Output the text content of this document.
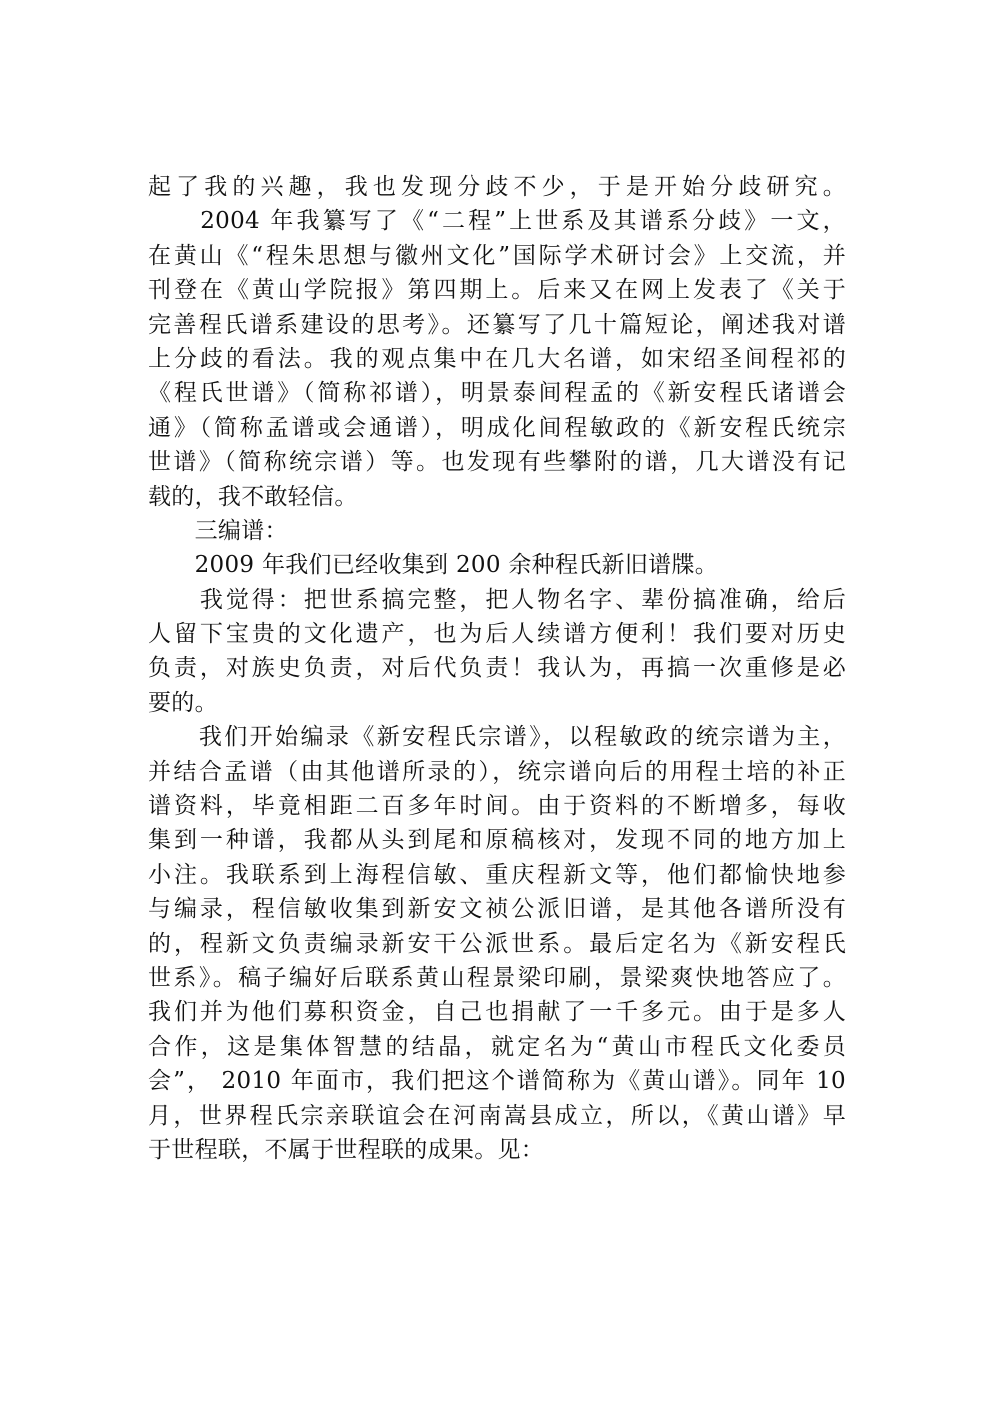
起了我的兴趣，我也发现分歧不少，于是开始分歧研究。
　　2004 年我纂写了《“二程”上世系及其谱系分歧》一文，
在黄山《“程朱思想与徽州文化”国际学术研讨会》上交流，并
刊登在《黄山学院报》第四期上。后来又在网上发表了《关于
完善程氏谱系建设的思考》。还纂写了几十篇短论，阐述我对谱
上分歧的看法。我的观点集中在几大名谱，如宋绍圣间程祁的
《程氏世谱》（简称祁谱），明景泰间程孟的《新安程氏诸谱会
通》（简称孟谱或会通谱），明成化间程敏政的《新安程氏统宗
世谱》（简称统宗谱）等。也发现有些攀附的谱，几大谱没有记
载的，我不敢轻信。
　　三编谱：
　　2009 年我们已经收集到 200 余种程氏新旧谱牒。
　　我觉得：把世系搞完整，把人物名字、辈份搞准确，给后
人留下宝贵的文化遗产，也为后人续谱方便利！我们要对历史
负责，对族史负责，对后代负责！我认为，再搞一次重修是必
要的。
　　我们开始编录《新安程氏宗谱》，以程敏政的统宗谱为主，
并结合孟谱（由其他谱所录的），统宗谱向后的用程士培的补正
谱资料，毕竟相距二百多年时间。由于资料的不断增多，每收
集到一种谱，我都从头到尾和原稿核对，发现不同的地方加上
小注。我联系到上海程信敏、重庆程新文等，他们都愉快地参
与编录，程信敏收集到新安文祯公派旧谱，是其他各谱所没有
的，程新文负责编录新安干公派世系。最后定名为《新安程氏
世系》。稿子编好后联系黄山程景梁印刷，景梁爽快地答应了。
我们并为他们募积资金，自己也捐献了一千多元。由于是多人
合作，这是集体智慧的结晶，就定名为“黄山市程氏文化委员
会”， 2010 年面市，我们把这个谱简称为《黄山谱》。同年 10
月，世界程氏宗亲联谊会在河南嵩县成立，所以，《黄山谱》早
于世程联，不属于世程联的成果。见：
